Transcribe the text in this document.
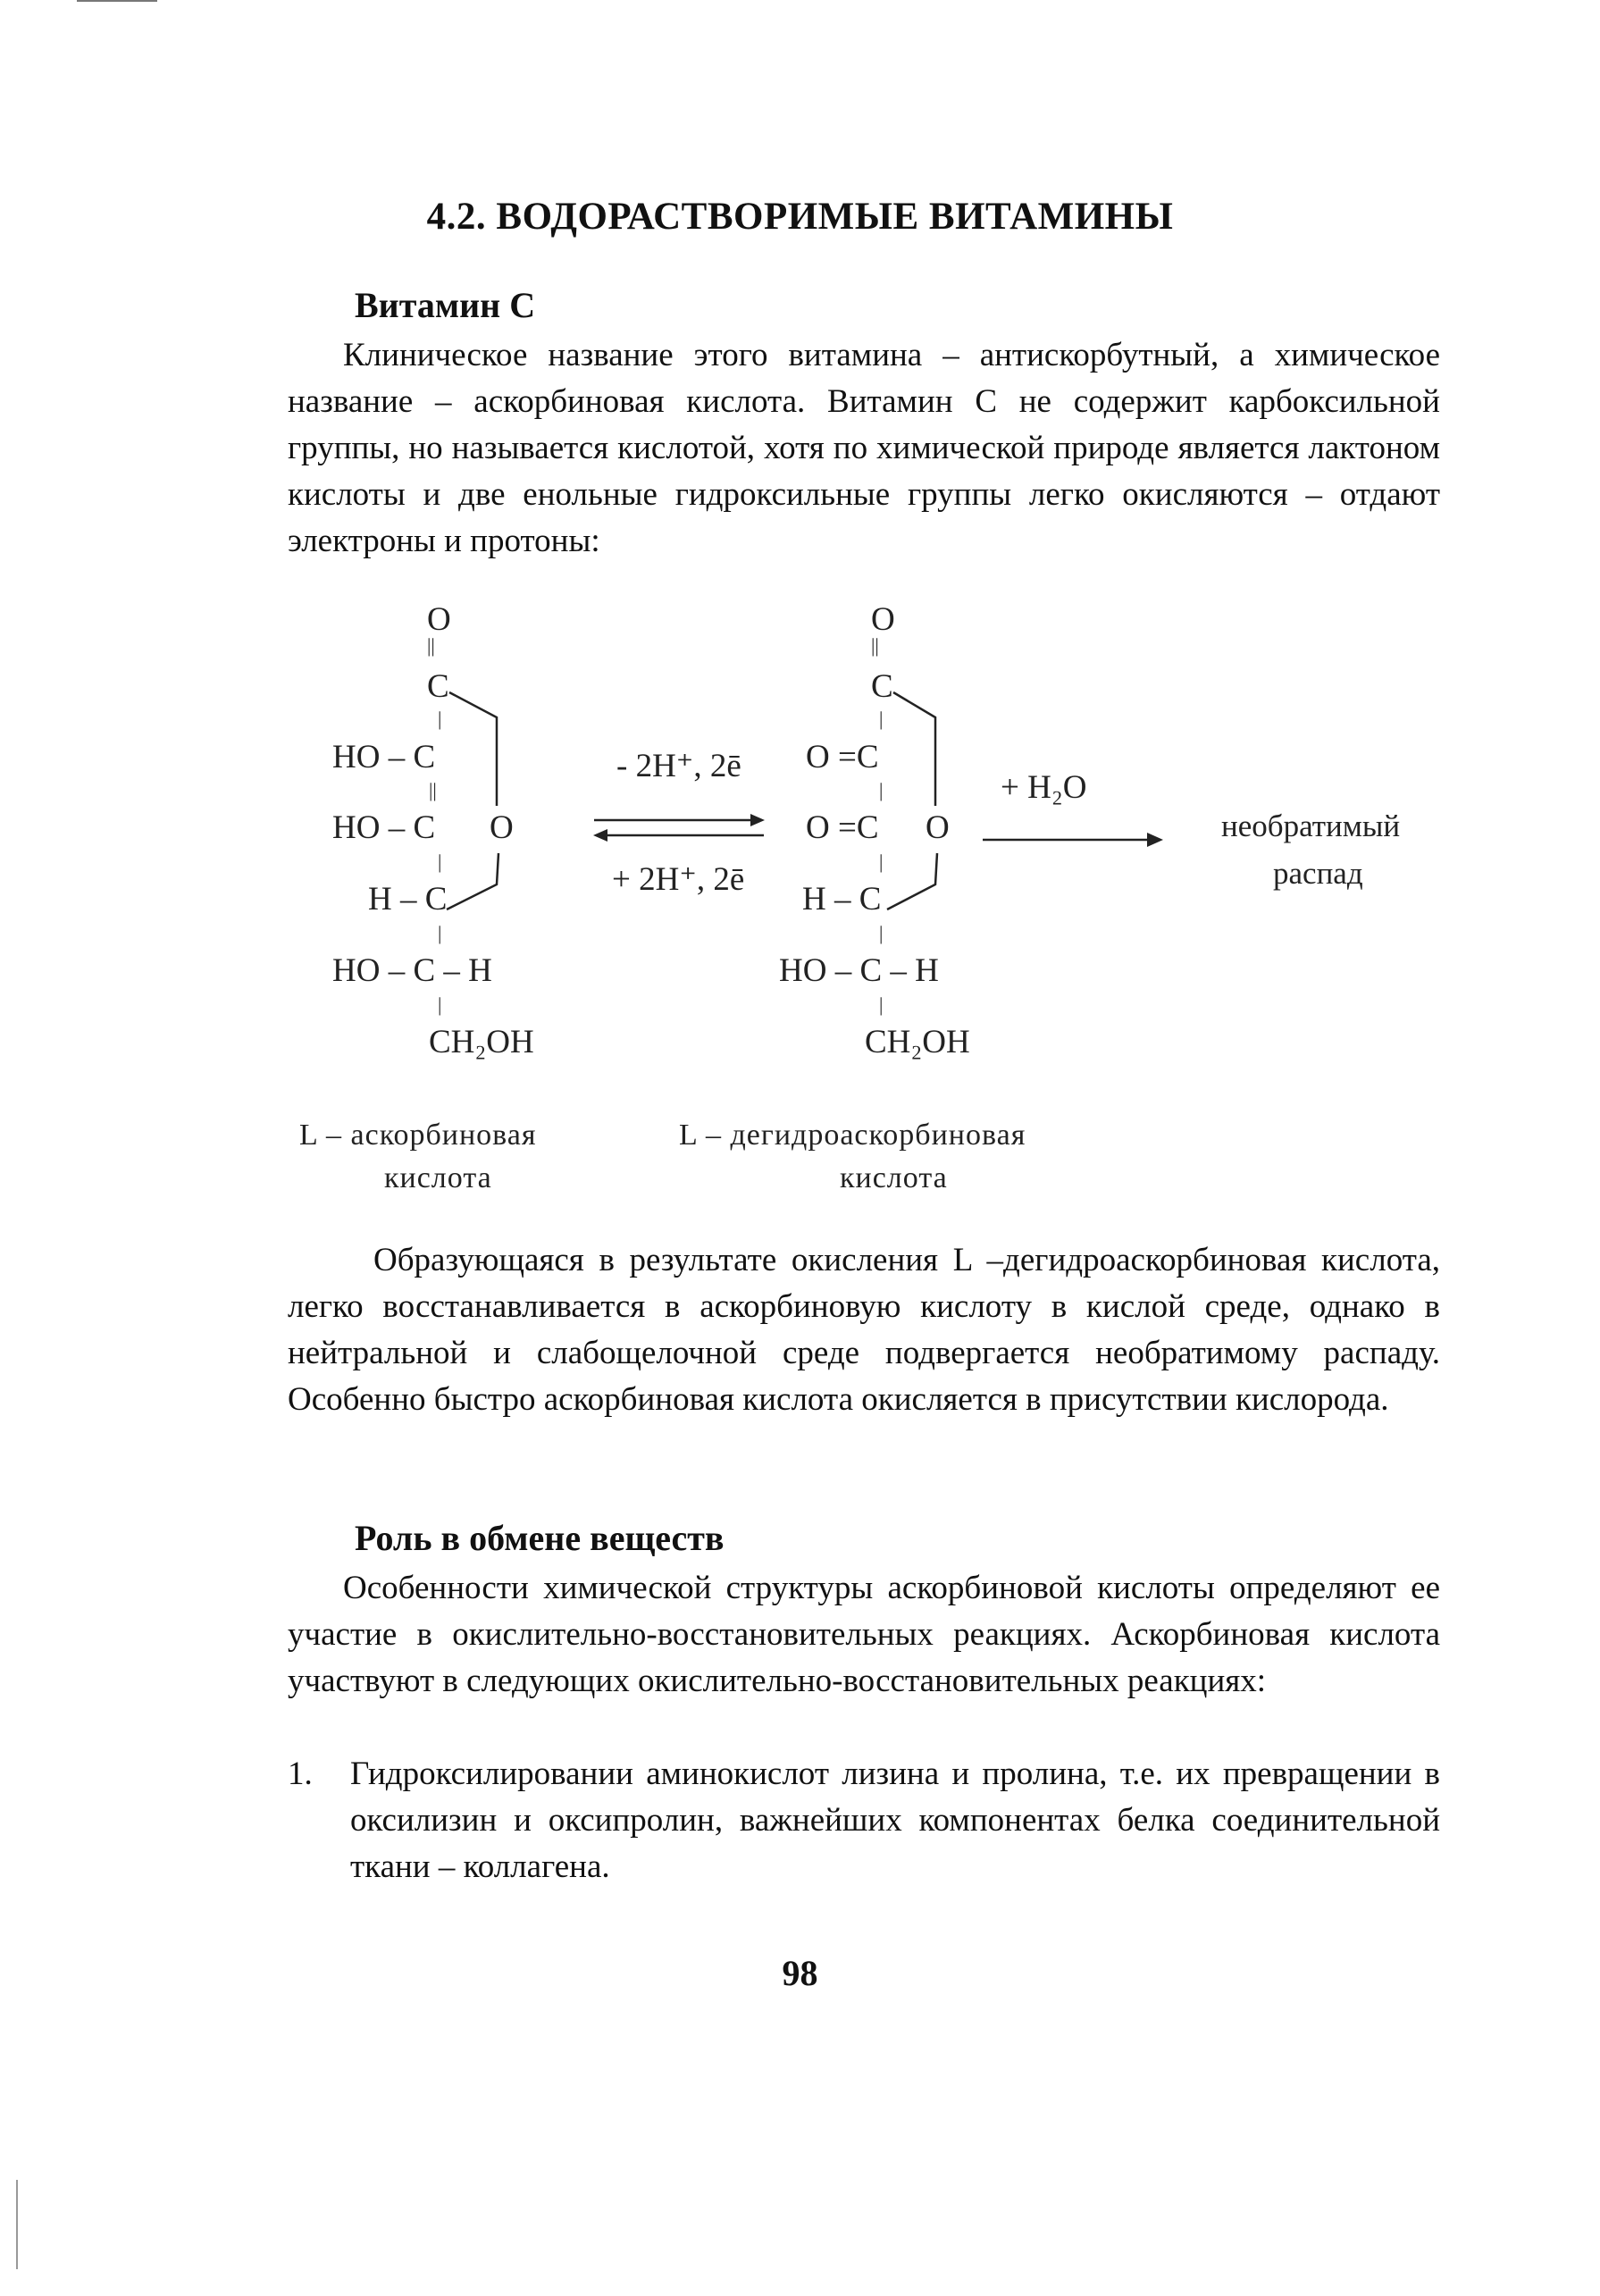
4.2. ВОДОРАСТВОРИМЫЕ ВИТАМИНЫ
Витамин С

Клиническое название этого витамина – антискорбутный, а химическое название – аскорбиновая кислота. Витамин С не содержит карбоксильной группы, но называется кислотой, хотя по химической природе является лактоном кислоты и две енольные гидроксильные группы легко окисляются – отдают электроны и протоны:

O
||
C
|
HO – C
||
HO – C O
|
H – C
|
HO – C – H
|
CH₂OH
O
||
C
|
O =C
|
O =C O
|
H – C
|
HO – C – H
|
CH₂OH
- 2H⁺, 2ē
+ 2H⁺, 2ē
+ H₂O
необратимый
распад
L – аскорбиновая
кислота
L – дегидроаскорбиновая
кислота

Образующаяся в результате окисления L –дегидроаскорбиновая кислота, легко восстанавливается в аскорбиновую кислоту в кислой среде, однако в нейтральной и слабощелочной среде подвергается необратимому распаду. Особенно быстро аскорбиновая кислота окисляется в присутствии кислорода.

Роль в обмене веществ

Особенности химической структуры аскорбиновой кислоты определяют ее участие в окислительно-восстановительных реакциях. Аскорбиновая кислота участвуют в следующих окислительно-восстановительных реакциях:

1. Гидроксилировании аминокислот лизина и пролина, т.е. их превращении в оксилизин и оксипролин, важнейших компонентах белка соединительной ткани – коллагена.
98
